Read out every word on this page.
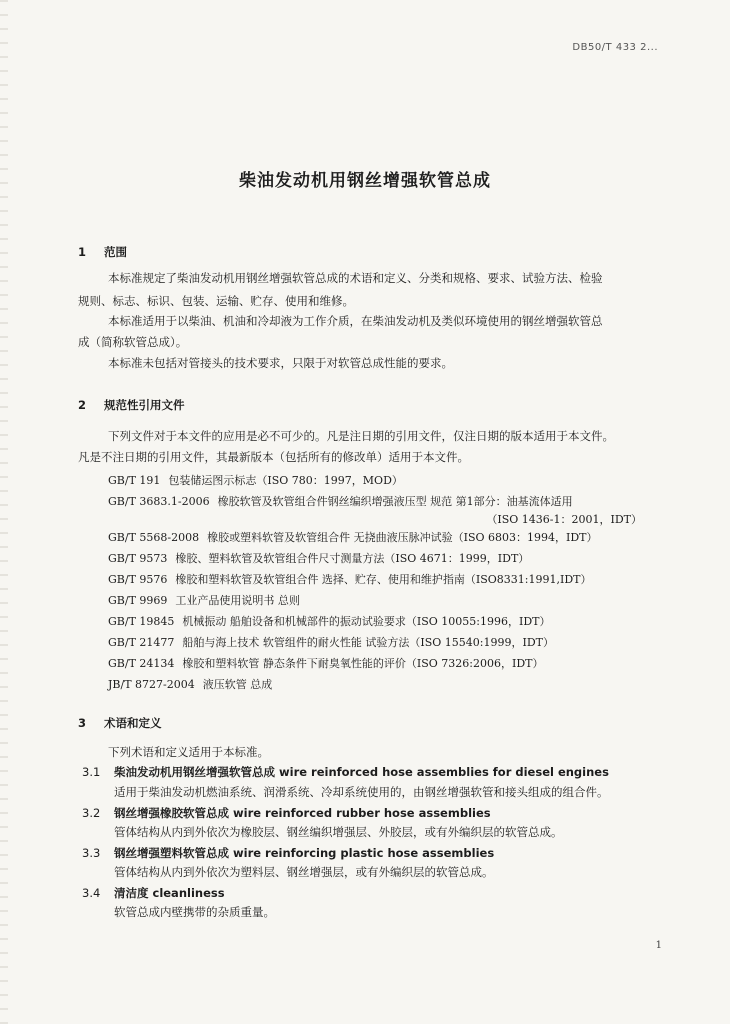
DB50/T 433 2...
柴油发动机用钢丝增强软管总成
1 范围
本标准规定了柴油发动机用钢丝增强软管总成的术语和定义、分类和规格、要求、试验方法、检验
规则、标志、标识、包装、运输、贮存、使用和维修。
本标准适用于以柴油、机油和冷却液为工作介质，在柴油发动机及类似环境使用的钢丝增强软管总
成（简称软管总成）。
本标准未包括对管接头的技术要求，只限于对软管总成性能的要求。
2 规范性引用文件
下列文件对于本文件的应用是必不可少的。凡是注日期的引用文件，仅注日期的版本适用于本文件。
凡是不注日期的引用文件，其最新版本（包括所有的修改单）适用于本文件。
GB/T 191 包装储运图示标志（ISO 780：1997，MOD）
GB/T 3683.1-2006 橡胶软管及软管组合件钢丝编织增强液压型 规范 第1部分：油基流体适用
（ISO 1436-1：2001，IDT）
GB/T 5568-2008 橡胶或塑料软管及软管组合件 无挠曲液压脉冲试验（ISO 6803：1994，IDT）
GB/T 9573 橡胶、塑料软管及软管组合件尺寸测量方法（ISO 4671：1999，IDT）
GB/T 9576 橡胶和塑料软管及软管组合件 选择、贮存、使用和维护指南（ISO8331:1991,IDT）
GB/T 9969 工业产品使用说明书 总则
GB/T 19845 机械振动 船舶设备和机械部件的振动试验要求（ISO 10055:1996，IDT）
GB/T 21477 船舶与海上技术 软管组件的耐火性能 试验方法（ISO 15540:1999，IDT）
GB/T 24134 橡胶和塑料软管 静态条件下耐臭氧性能的评价（ISO 7326:2006，IDT）
JB/T 8727-2004 液压软管 总成
3 术语和定义
下列术语和定义适用于本标准。
3.1 柴油发动机用钢丝增强软管总成 wire reinforced hose assemblies for diesel engines
适用于柴油发动机燃油系统、润滑系统、冷却系统使用的，由钢丝增强软管和接头组成的组合件。
3.2 钢丝增强橡胶软管总成 wire reinforced rubber hose assemblies
管体结构从内到外依次为橡胶层、钢丝编织增强层、外胶层，或有外编织层的软管总成。
3.3 钢丝增强塑料软管总成 wire reinforcing plastic hose assemblies
管体结构从内到外依次为塑料层、钢丝增强层，或有外编织层的软管总成。
3.4 清洁度 cleanliness
软管总成内壁携带的杂质重量。
1
